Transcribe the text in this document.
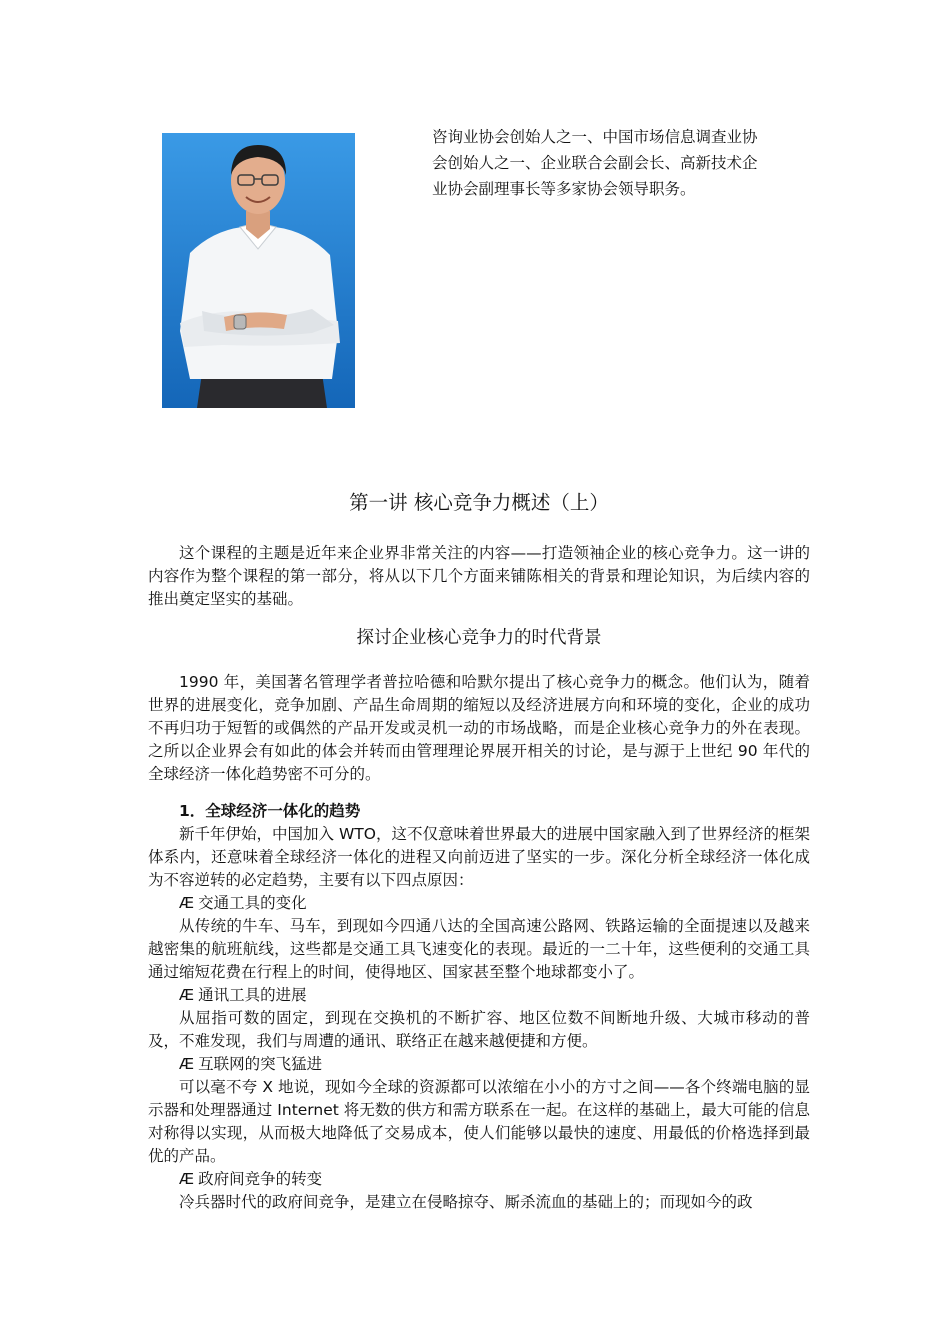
咨询业协会创始人之一、中国市场信息调查业协会创始人之一、企业联合会副会长、高新技术企业协会副理事长等多家协会领导职务。

第一讲 核心竞争力概述（上）

这个课程的主题是近年来企业界非常关注的内容——打造领袖企业的核心竞争力。这一讲的内容作为整个课程的第一部分，将从以下几个方面来铺陈相关的背景和理论知识，为后续内容的推出奠定坚实的基础。

探讨企业核心竞争力的时代背景

1990 年，美国著名管理学者普拉哈德和哈默尔提出了核心竞争力的概念。他们认为，随着世界的进展变化，竞争加剧、产品生命周期的缩短以及经济进展方向和环境的变化，企业的成功不再归功于短暂的或偶然的产品开发或灵机一动的市场战略，而是企业核心竞争力的外在表现。之所以企业界会有如此的体会并转而由管理理论界展开相关的讨论，是与源于上世纪 90 年代的全球经济一体化趋势密不可分的。

1．全球经济一体化的趋势

新千年伊始，中国加入 WTO，这不仅意味着世界最大的进展中国家融入到了世界经济的框架体系内，还意味着全球经济一体化的进程又向前迈进了坚实的一步。深化分析全球经济一体化成为不容逆转的必定趋势，主要有以下四点原因：

Æ 交通工具的变化

从传统的牛车、马车，到现如今四通八达的全国高速公路网、铁路运输的全面提速以及越来越密集的航班航线，这些都是交通工具飞速变化的表现。最近的一二十年，这些便利的交通工具通过缩短花费在行程上的时间，使得地区、国家甚至整个地球都变小了。

Æ 通讯工具的进展

从屈指可数的固定，到现在交换机的不断扩容、地区位数不间断地升级、大城市移动的普及，不难发现，我们与周遭的通讯、联络正在越来越便捷和方便。

Æ 互联网的突飞猛进

可以毫不夸 X 地说，现如今全球的资源都可以浓缩在小小的方寸之间——各个终端电脑的显示器和处理器通过 Internet 将无数的供方和需方联系在一起。在这样的基础上，最大可能的信息对称得以实现，从而极大地降低了交易成本，使人们能够以最快的速度、用最低的价格选择到最优的产品。

Æ 政府间竞争的转变

冷兵器时代的政府间竞争，是建立在侵略掠夺、厮杀流血的基础上的；而现如今的政
